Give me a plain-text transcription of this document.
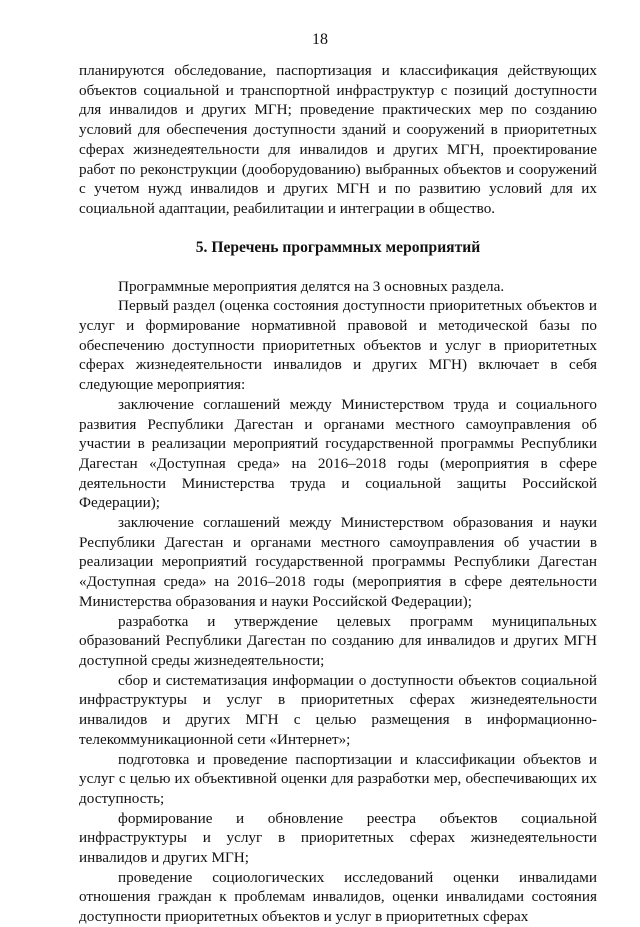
18

планируются обследование, паспортизация и классификация действующих объектов социальной и транспортной инфраструктур с позиций доступности для инвалидов и других МГН; проведение практических мер по созданию условий для обеспечения доступности зданий и сооружений в приоритетных сферах жизнедеятельности для инвалидов и других МГН, проектирование работ по реконструкции (дооборудованию) выбранных объектов и сооружений с учетом нужд инвалидов и других МГН и по развитию условий для их социальной адаптации, реабилитации и интеграции в общество.

5. Перечень программных мероприятий

Программные мероприятия делятся на 3 основных раздела.

Первый раздел (оценка состояния доступности приоритетных объектов и услуг и формирование нормативной правовой и методической базы по обеспечению доступности приоритетных объектов и услуг в приоритетных сферах жизнедеятельности инвалидов и других МГН) включает в себя следующие мероприятия:

заключение соглашений между Министерством труда и социального развития Республики Дагестан и органами местного самоуправления об участии в реализации мероприятий государственной программы Республики Дагестан «Доступная среда» на 2016–2018 годы (мероприятия в сфере деятельности Министерства труда и социальной защиты Российской Федерации);

заключение соглашений между Министерством образования и науки Республики Дагестан и органами местного самоуправления об участии в реализации мероприятий государственной программы Республики Дагестан «Доступная среда» на 2016–2018 годы (мероприятия в сфере деятельности Министерства образования и науки Российской Федерации);

разработка и утверждение целевых программ муниципальных образований Республики Дагестан по созданию для инвалидов и других МГН доступной среды жизнедеятельности;

сбор и систематизация информации о доступности объектов социальной инфраструктуры и услуг в приоритетных сферах жизнедеятельности инвалидов и других МГН с целью размещения в информационно-телекоммуникационной сети «Интернет»;

подготовка и проведение паспортизации и классификации объектов и услуг с целью их объективной оценки для разработки мер, обеспечивающих их доступность;

формирование и обновление реестра объектов социальной инфраструктуры и услуг в приоритетных сферах жизнедеятельности инвалидов и других МГН;

проведение социологических исследований оценки инвалидами отношения граждан к проблемам инвалидов, оценки инвалидами состояния доступности приоритетных объектов и услуг в приоритетных сферах
